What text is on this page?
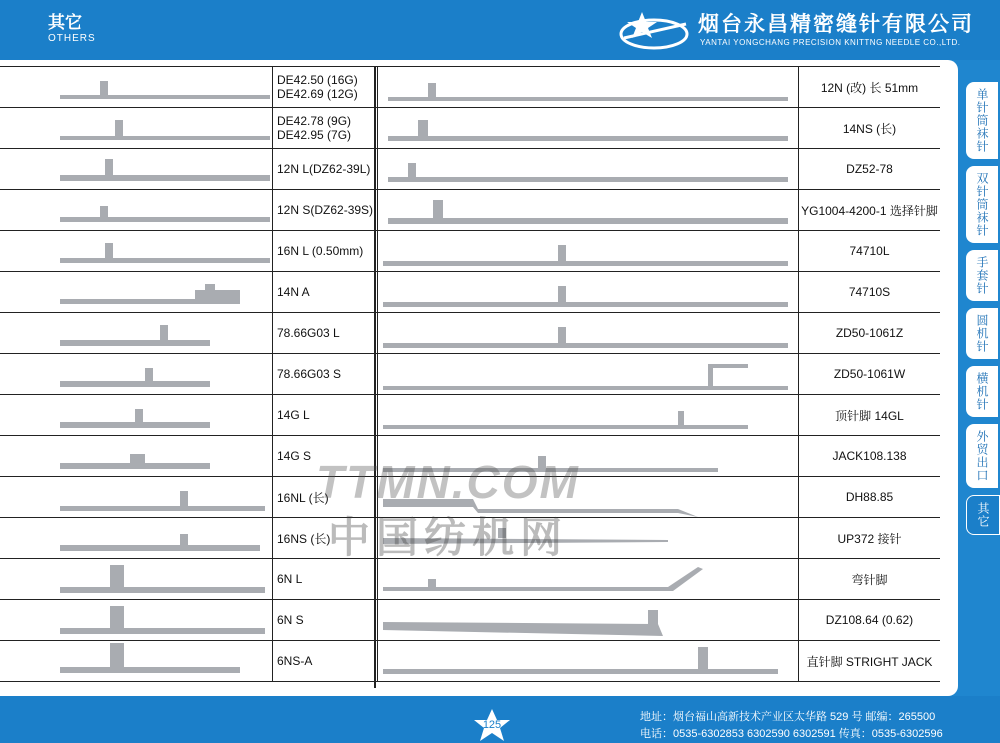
其它
OTHERS
烟台永昌精密缝针有限公司
YANTAI YONGCHANG PRECISION KNITTNG NEEDLE CO.,LTD.

DE42.50 (16G)
DE42.69 (12G)		12N (改) 长 51mm

DE42.78 (9G)
DE42.95 (7G)		14NS (长)

12N L(DZ62-39L)		DZ52-78

12N S(DZ62-39S)		YG1004-4200-1 选择针脚

16N L (0.50mm)		74710L

14N A		74710S

78.66G03 L		ZD50-1061Z

78.66G03 S		ZD50-1061W

14G L		顶针脚 14GL

14G S		JACK108.138

16NL (长)		DH88.85

16NS (长)		UP372 接针

6N L		弯针脚

6N S		DZ108.64 (0.62)

6NS-A		直针脚 STRIGHT JACK
TTMN.COM
中国纺机网
单针筒袜针
双针筒袜针
手套针
圆机针
横机针
外贸出口
其它
125
地址：烟台福山高新技术产业区太华路 529 号 邮编：265500
电话：0535-6302853 6302590 6302591 传真：0535-6302596
